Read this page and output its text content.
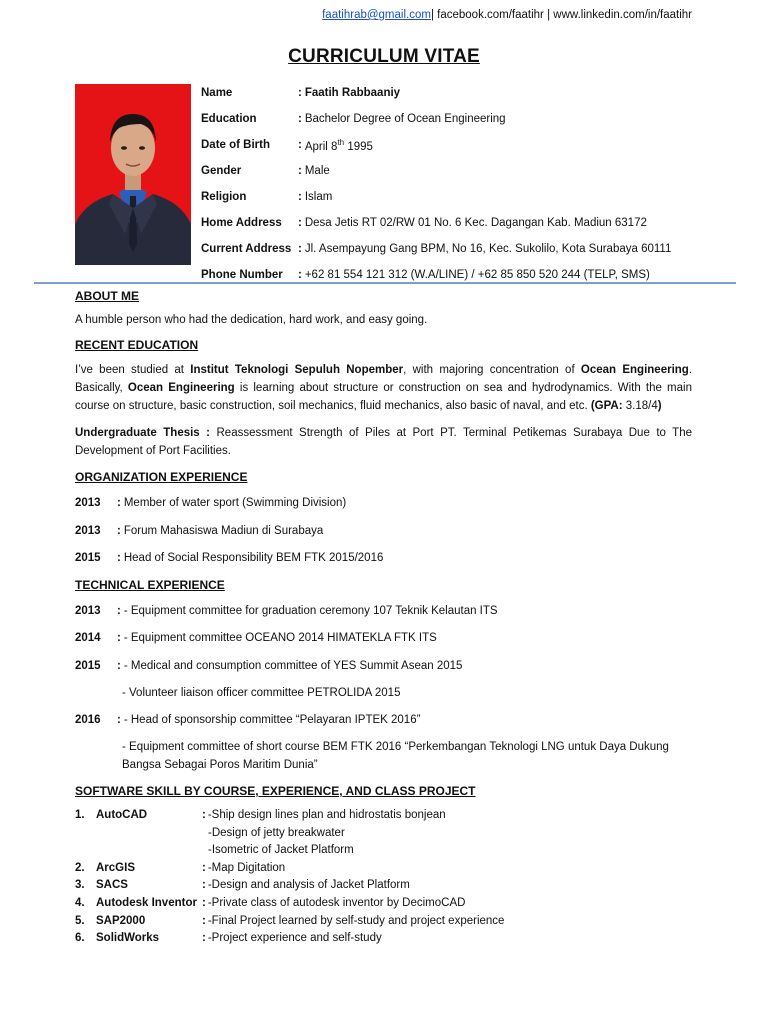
faatihrab@gmail.com| facebook.com/faatihr | www.linkedin.com/in/faatihr
CURRICULUM VITAE
Name	: Faatih Rabbaaniy
Education	: Bachelor Degree of Ocean Engineering
Date of Birth	: April 8th 1995
Gender	: Male
Religion	: Islam
Home Address	: Desa Jetis RT 02/RW 01 No. 6 Kec. Dagangan Kab. Madiun 63172
Current Address : Jl. Asempayung Gang BPM, No 16, Kec. Sukolilo, Kota Surabaya 60111
Phone Number	: +62 81 554 121 312 (W.A/LINE) / +62 85 850 520 244 (TELP, SMS)
ABOUT ME

A humble person who had the dedication, hard work, and easy going.

RECENT EDUCATION

I’ve been studied at Institut Teknologi Sepuluh Nopember, with majoring concentration of Ocean Engineering. Basically, Ocean Engineering is learning about structure or construction on sea and hydrodynamics. With the main course on structure, basic construction, soil mechanics, fluid mechanics, also basic of naval, and etc. (GPA: 3.18/4)

Undergraduate Thesis : Reassessment Strength of Piles at Port PT. Terminal Petikemas Surabaya Due to The Development of Port Facilities.

ORGANIZATION EXPERIENCE
2013	: Member of water sport (Swimming Division)
2013	: Forum Mahasiswa Madiun di Surabaya
2015	: Head of Social Responsibility BEM FTK 2015/2016
TECHNICAL EXPERIENCE
2013	: - Equipment committee for graduation ceremony 107 Teknik Kelautan ITS
2014	: - Equipment committee OCEANO 2014 HIMATEKLA FTK ITS
2015	: - Medical and consumption committee of YES Summit Asean 2015

- Volunteer liaison officer committee PETROLIDA 2015

2016	: - Head of sponsorship committee “Pelayaran IPTEK 2016”

- Equipment committee of short course BEM FTK 2016 “Perkembangan Teknologi LNG untuk Daya Dukung Bangsa Sebagai Poros Maritim Dunia”

SOFTWARE SKILL BY COURSE, EXPERIENCE, AND CLASS PROJECT
1. AutoCAD	: -Ship design lines plan and hidrostatis bonjean
-Design of jetty breakwater
-Isometric of Jacket Platform
2. ArcGIS	: -Map Digitation
3. SACS	: -Design and analysis of Jacket Platform
4. Autodesk Inventor : -Private class of autodesk inventor by DecimoCAD
5. SAP2000	: -Final Project learned by self-study and project experience
6. SolidWorks	: -Project experience and self-study
